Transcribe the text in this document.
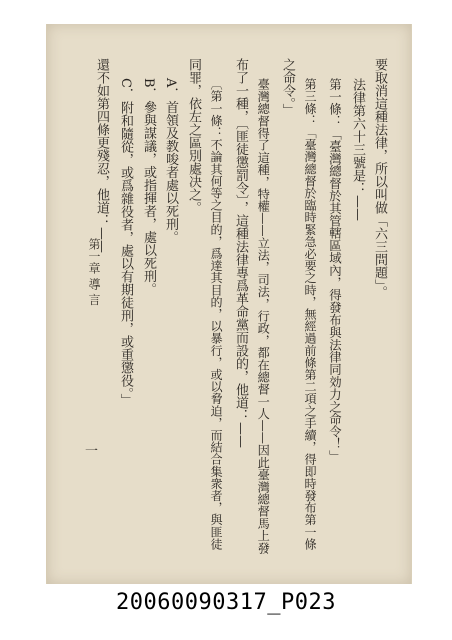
要取消這種法律，所以叫做「六三問題」。
法律第六十三號是：——
第一條：「臺灣總督於其管轄區域內，得發布與法律同効力之命令！」
第三條：「臺灣總督於臨時緊急必要之時，無經過前條第二項之手續，得即時發布第一條
之命令。」
臺灣總督得了這種，特權——立法，司法，行政，都在總督一人——因此臺灣總督馬上發
布了一種，〔匪徒懲罰令〕，這種法律專爲革命黨而設的，他道：——
〔第一條：不論其何等之目的，爲達其目的，以暴行，或以脅迫，而結合集衆者，與匪徒
同罪，依左之區別處决之。
A．首領及教唆者處以死刑。
B．參與謀議，或指揮者，處以死刑。
C．附和隨從，或爲雜役者，處以有期徒刑，或重懲役。」
還不如第四條更殘忍，他道：——
第一章 導 言
一
20060090317_P023
